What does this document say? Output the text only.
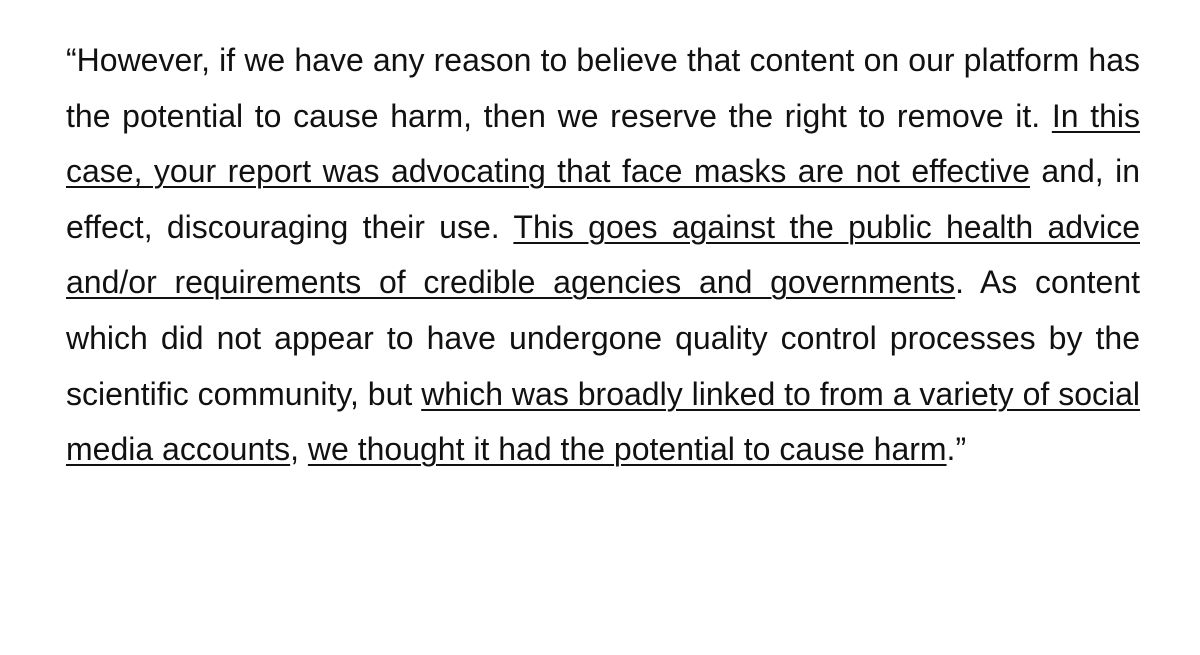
“However, if we have any reason to believe that content on our platform has the potential to cause harm, then we reserve the right to remove it. In this case, your report was advocating that face masks are not effective and, in effect, discouraging their use. This goes against the public health advice and/or requirements of credible agencies and governments. As content which did not appear to have undergone quality control processes by the scientific community, but which was broadly linked to from a variety of social media accounts, we thought it had the potential to cause harm.”
